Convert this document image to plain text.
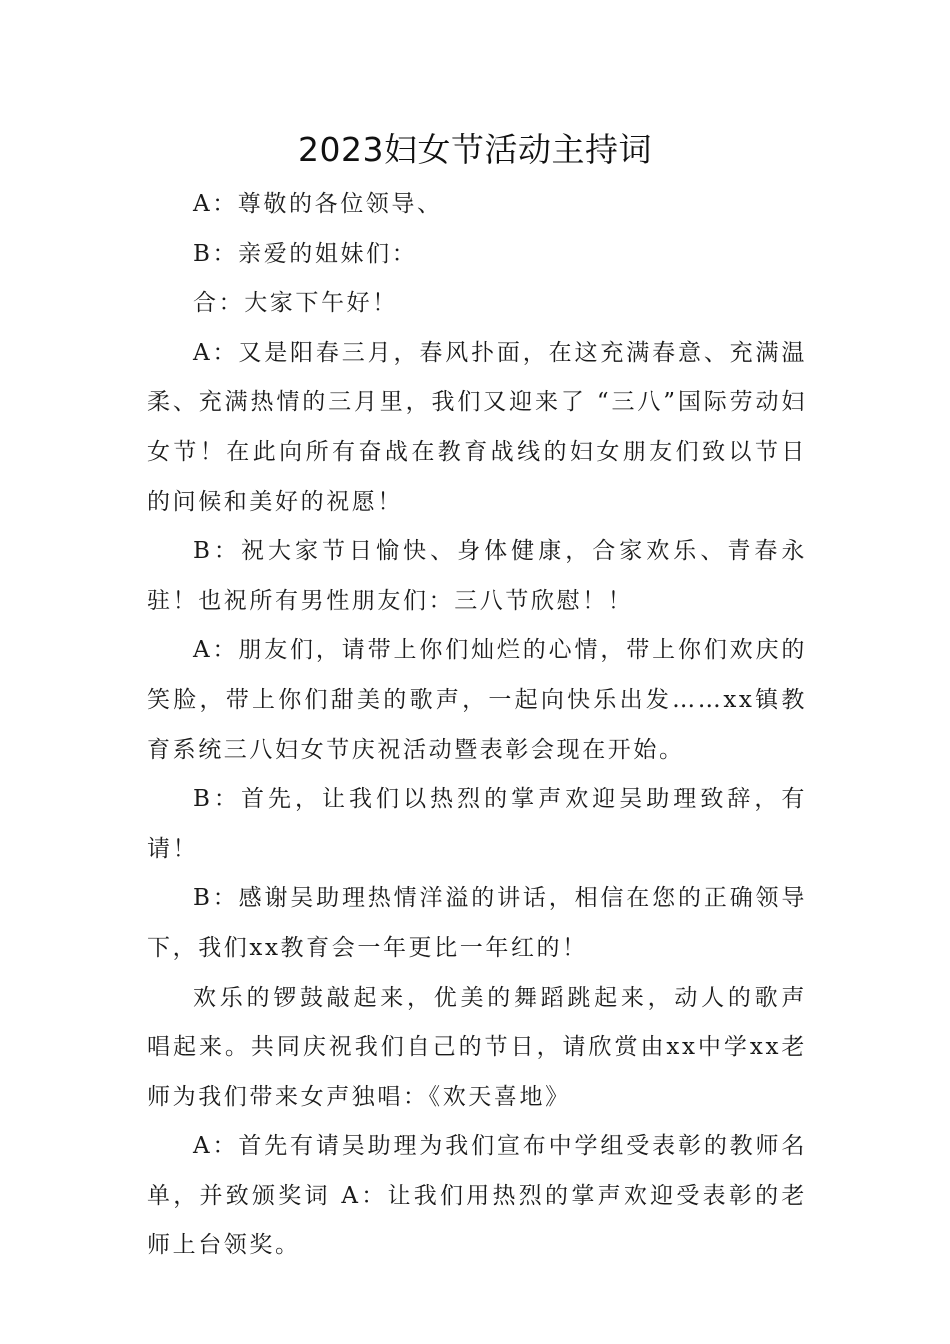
2023妇女节活动主持词

A：尊敬的各位领导、

B：亲爱的姐妹们：

合：大家下午好！

A：又是阳春三月，春风扑面，在这充满春意、充满温柔、充满热情的三月里，我们又迎来了 “三八”国际劳动妇女节！在此向所有奋战在教育战线的妇女朋友们致以节日的问候和美好的祝愿！

B：祝大家节日愉快、身体健康，合家欢乐、青春永驻！也祝所有男性朋友们：三八节欣慰！！

A：朋友们，请带上你们灿烂的心情，带上你们欢庆的笑脸，带上你们甜美的歌声，一起向快乐出发……xx镇教育系统三八妇女节庆祝活动暨表彰会现在开始。

B：首先，让我们以热烈的掌声欢迎吴助理致辞，有请！

B：感谢吴助理热情洋溢的讲话，相信在您的正确领导下，我们xx教育会一年更比一年红的！

欢乐的锣鼓敲起来，优美的舞蹈跳起来，动人的歌声唱起来。共同庆祝我们自己的节日，请欣赏由xx中学xx老师为我们带来女声独唱：《欢天喜地》

A：首先有请吴助理为我们宣布中学组受表彰的教师名单，并致颁奖词 A：让我们用热烈的掌声欢迎受表彰的老师上台领奖。
